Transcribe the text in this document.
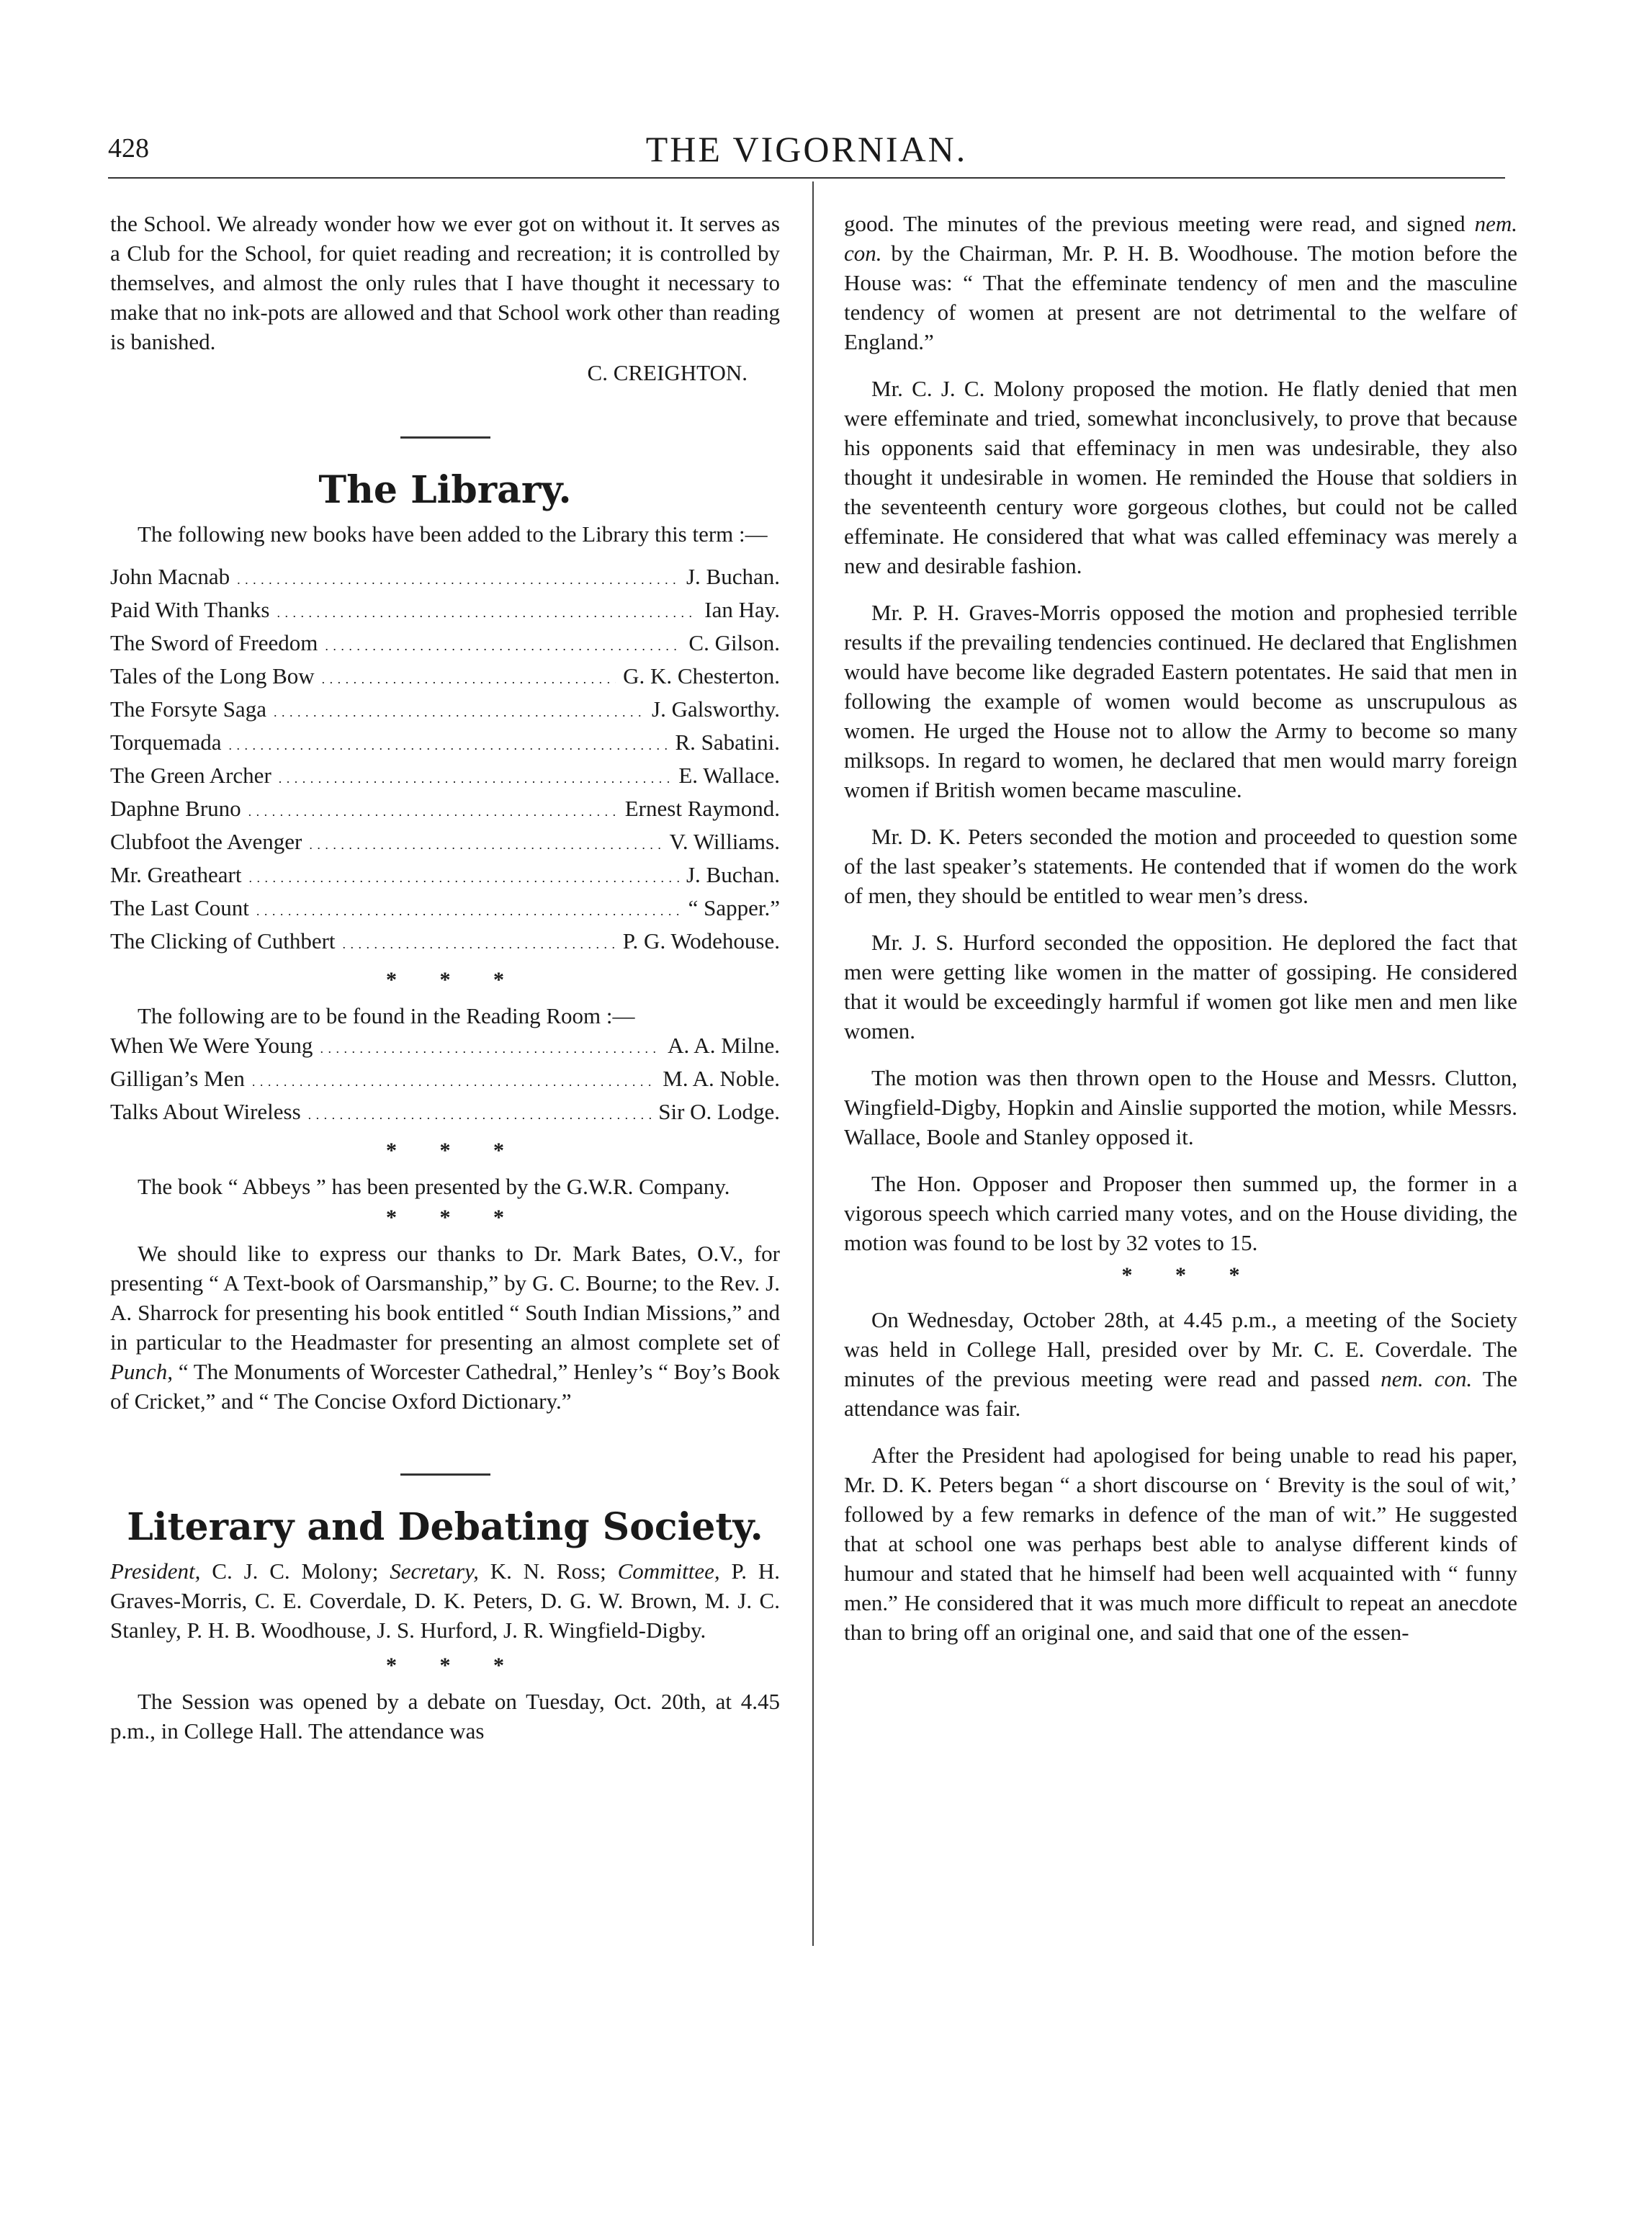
428	THE VIGORNIAN.

the School. We already wonder how we ever got on without it. It serves as a Club for the School, for quiet reading and recreation; it is controlled by themselves, and almost the only rules that I have thought it necessary to make that no ink-pots are allowed and that School work other than reading is banished.

C. CREIGHTON.

The Library.

The following new books have been added to the Library this term :—

John Macnab . . .	J. Buchan.
Paid With Thanks . . .	Ian Hay.
The Sword of Freedom . . .	C. Gilson.
Tales of the Long Bow . . .	G. K. Chesterton.
The Forsyte Saga . . .	J. Galsworthy.
Torquemada . . .	R. Sabatini.
The Green Archer . . .	E. Wallace.
Daphne Bruno . . .	Ernest Raymond.
Clubfoot the Avenger . . .	V. Williams.
Mr. Greatheart . . .	J. Buchan.
The Last Count . . .	“ Sapper.”
The Clicking of Cuthbert . . .	P. G. Wodehouse.
* * *

The following are to be found in the Reading Room :—

When We Were Young . . .	A. A. Milne.
Gilligan’s Men . . .	M. A. Noble.
Talks About Wireless . . .	Sir O. Lodge.
* * *

The book “ Abbeys ” has been presented by the G.W.R. Company.

* * *

We should like to express our thanks to Dr. Mark Bates, O.V., for presenting “ A Text-book of Oarsmanship,” by G. C. Bourne; to the Rev. J. A. Sharrock for presenting his book entitled “ South Indian Missions,” and in particular to the Headmaster for presenting an almost complete set of Punch, “ The Monuments of Worcester Cathedral,” Henley’s “ Boy’s Book of Cricket,” and “ The Concise Oxford Dictionary.”

Literary and Debating Society.

President, C. J. C. Molony; Secretary, K. N. Ross; Committee, P. H. Graves-Morris, C. E. Coverdale, D. K. Peters, D. G. W. Brown, M. J. C. Stanley, P. H. B. Woodhouse, J. S. Hurford, J. R. Wingfield-Digby.

* * *

The Session was opened by a debate on Tuesday, Oct. 20th, at 4.45 p.m., in College Hall. The attendance was

good. The minutes of the previous meeting were read, and signed nem. con. by the Chairman, Mr. P. H. B. Woodhouse. The motion before the House was: “ That the effeminate tendency of men and the masculine tendency of women at present are not detrimental to the welfare of England.”

Mr. C. J. C. Molony proposed the motion. He flatly denied that men were effeminate and tried, somewhat inconclusively, to prove that because his opponents said that effeminacy in men was undesirable, they also thought it undesirable in women. He reminded the House that soldiers in the seventeenth century wore gorgeous clothes, but could not be called effeminate. He considered that what was called effeminacy was merely a new and desirable fashion.

Mr. P. H. Graves-Morris opposed the motion and prophesied terrible results if the prevailing tendencies continued. He declared that Englishmen would have become like degraded Eastern potentates. He said that men in following the example of women would become as unscrupulous as women. He urged the House not to allow the Army to become so many milksops. In regard to women, he declared that men would marry foreign women if British women became masculine.

Mr. D. K. Peters seconded the motion and proceeded to question some of the last speaker’s statements. He contended that if women do the work of men, they should be entitled to wear men’s dress.

Mr. J. S. Hurford seconded the opposition. He deplored the fact that men were getting like women in the matter of gossiping. He considered that it would be exceedingly harmful if women got like men and men like women.

The motion was then thrown open to the House and Messrs. Clutton, Wingfield-Digby, Hopkin and Ainslie supported the motion, while Messrs. Wallace, Boole and Stanley opposed it.

The Hon. Opposer and Proposer then summed up, the former in a vigorous speech which carried many votes, and on the House dividing, the motion was found to be lost by 32 votes to 15.

* * *

On Wednesday, October 28th, at 4.45 p.m., a meeting of the Society was held in College Hall, presided over by Mr. C. E. Coverdale. The minutes of the previous meeting were read and passed nem. con. The attendance was fair.

After the President had apologised for being unable to read his paper, Mr. D. K. Peters began “ a short discourse on ‘ Brevity is the soul of wit,’ followed by a few remarks in defence of the man of wit.” He suggested that at school one was perhaps best able to analyse different kinds of humour and stated that he himself had been well acquainted with “ funny men.” He considered that it was much more difficult to repeat an anecdote than to bring off an original one, and said that one of the essen-
